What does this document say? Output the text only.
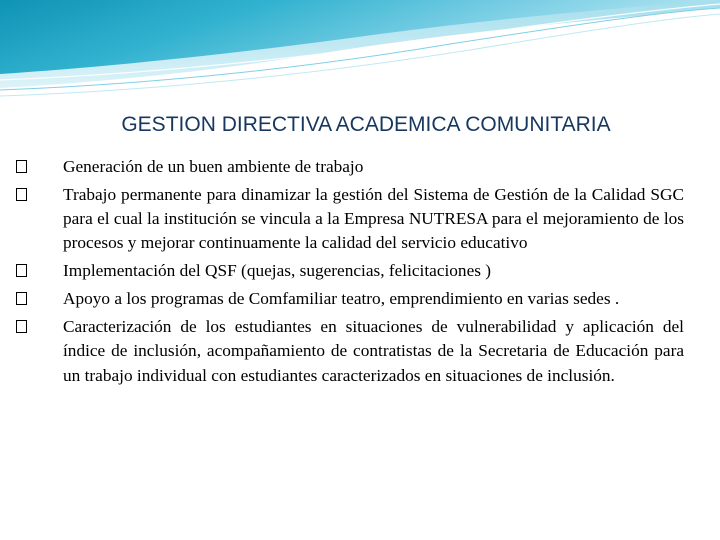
GESTION DIRECTIVA ACADEMICA COMUNITARIA
Generación de un buen ambiente de trabajo
Trabajo permanente para dinamizar la gestión del Sistema de Gestión de la Calidad SGC para el cual la institución se vincula a la Empresa NUTRESA para el mejoramiento de los procesos y mejorar continuamente la calidad del servicio educativo
Implementación del QSF (quejas, sugerencias, felicitaciones )
Apoyo a los programas de Comfamiliar teatro, emprendimiento en varias sedes .
Caracterización de los estudiantes en situaciones de vulnerabilidad y aplicación del índice de inclusión, acompañamiento de contratistas de la Secretaria de Educación para un trabajo individual con estudiantes caracterizados en situaciones de inclusión.
